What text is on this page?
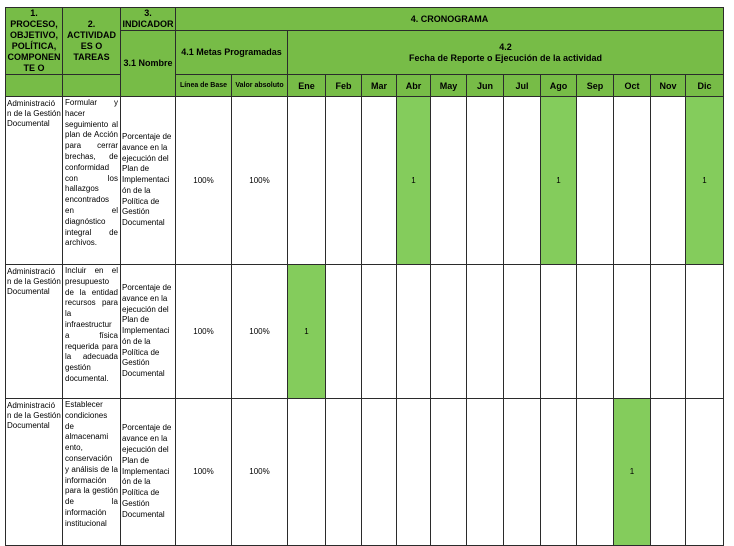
1. PROCESO, OBJETIVO, POLÍTICA, COMPONEN TE O	2. ACTIVIDAD ES O TAREAS	3. INDICADOR	4. CRONOGRAMA													
		3.1 Nombre	4.1 Metas Programadas		4.2
Fecha de Reporte o Ejecución de la actividad											

			Línea de Base	Valor absoluto	Ene	Feb	Mar	Abr	May	Jun	Jul	Ago	Sep	Oct	Nov	Dic
Administració n de la Gestión Documental	Formular y hacer seguimiento al plan de Acción para cerrar brechas, de conformidad con los hallazgos encontrados en el diagnóstico integral de archivos.	Porcentaje de avance en la ejecución del Plan de Implementaci ón de la Política de Gestión Documental	100%	100%				1				1				1
Administració n de la Gestión Documental	Incluir en el presupuesto de la entidad recursos para la infraestructur a física requerida para la adecuada gestión documental.	Porcentaje de avance en la ejecución del Plan de Implementaci ón de la Política de Gestión Documental	100%	100%	1											
Administració n de la Gestión Documental	Establecer condiciones de almacenami ento, conservación y análisis de la información para la gestión de la información institucional	Porcentaje de avance en la ejecución del Plan de Implementaci ón de la Política de Gestión Documental	100%	100%										1		
